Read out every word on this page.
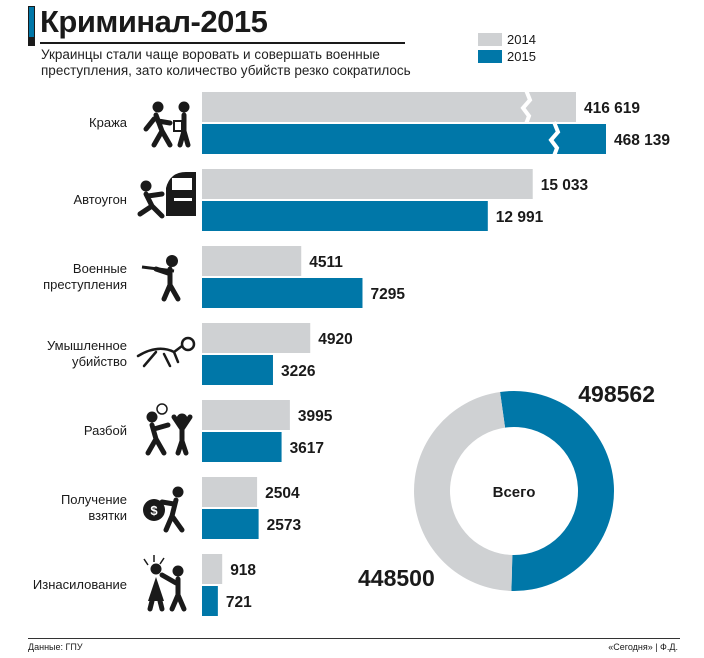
Криминал-2015
Украинцы стали чаще воровать и совершать военные
преступления, зато количество убийств резко сократилось
2014
2015
Кража
416 619
468 139
Автоугон
15 033
12 991
Военные
преступления
4511
7295
Умышленное
убийство
4920
3226
Разбой
3995
3617
Получение
взятки $
2504
2573
Изнасилование
918
721
Всего
498562
448500
Данные: ГПУ	«Сегодня» | Ф.Д.
